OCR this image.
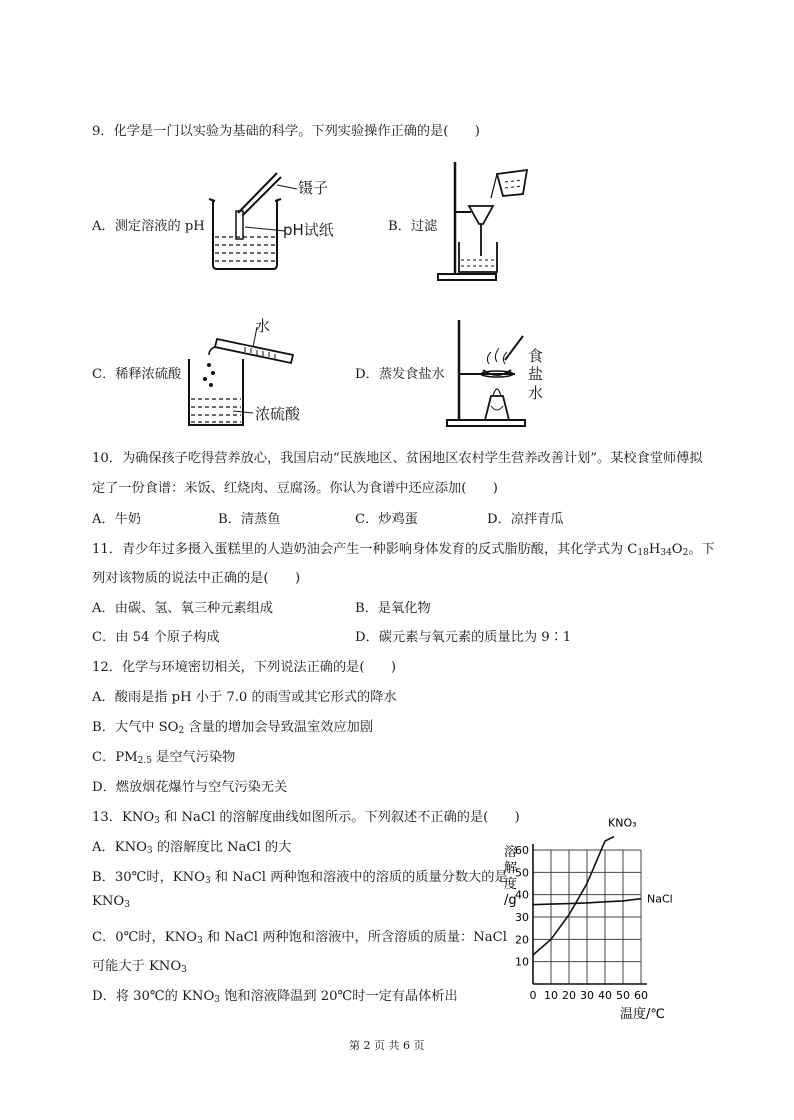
9．化学是一门以实验为基础的科学。下列实验操作正确的是(　　)
A．测定溶液的 pH
镊子
pH试纸	B．过滤
C．稀释浓硫酸
水
浓硫酸
D．蒸发食盐水
食
盐
水
10．为确保孩子吃得营养放心，我国启动“民族地区、贫困地区农村学生营养改善计划”。某校食堂师傅拟
定了一份食谱：米饭、红烧肉、豆腐汤。你认为食谱中还应添加(　　)
A．牛奶	B．清蒸鱼	C．炒鸡蛋	D．凉拌青瓜
11．青少年过多摄入蛋糕里的人造奶油会产生一种影响身体发育的反式脂肪酸，其化学式为 $C_{18}H_{34}O_2$。下
列对该物质的说法中正确的是(　　)
A．由碳、氢、氧三种元素组成	B．是氧化物
C．由 54 个原子构成	D．碳元素与氧元素的质量比为 9∶1
12．化学与环境密切相关，下列说法正确的是(　　)
A．酸雨是指 pH 小于 7.0 的雨雪或其它形式的降水
B．大气中 $SO_2$ 含量的增加会导致温室效应加剧
C．$PM_{2.5}$ 是空气污染物
D．燃放烟花爆竹与空气污染无关
13．$KNO_3$ 和 NaCl 的溶解度曲线如图所示。下列叙述不正确的是(　　)
A．$KNO_3$ 的溶解度比 NaCl 的大
B．30℃时，$KNO_3$ 和 NaCl 两种饱和溶液中的溶质的质量分数大的是
$KNO_3$
C．0℃时，$KNO_3$ 和 NaCl 两种饱和溶液中，所含溶质的质量：NaCl
可能大于 $KNO_3$
D．将 30℃的 $KNO_3$ 饱和溶液降温到 20℃时一定有晶体析出
溶
解
度
/g
10
20
30
40
50
60
0 10 20 30 40 50 60
KNO₃
NaCl
温度/℃
第 2 页 共 6 页
